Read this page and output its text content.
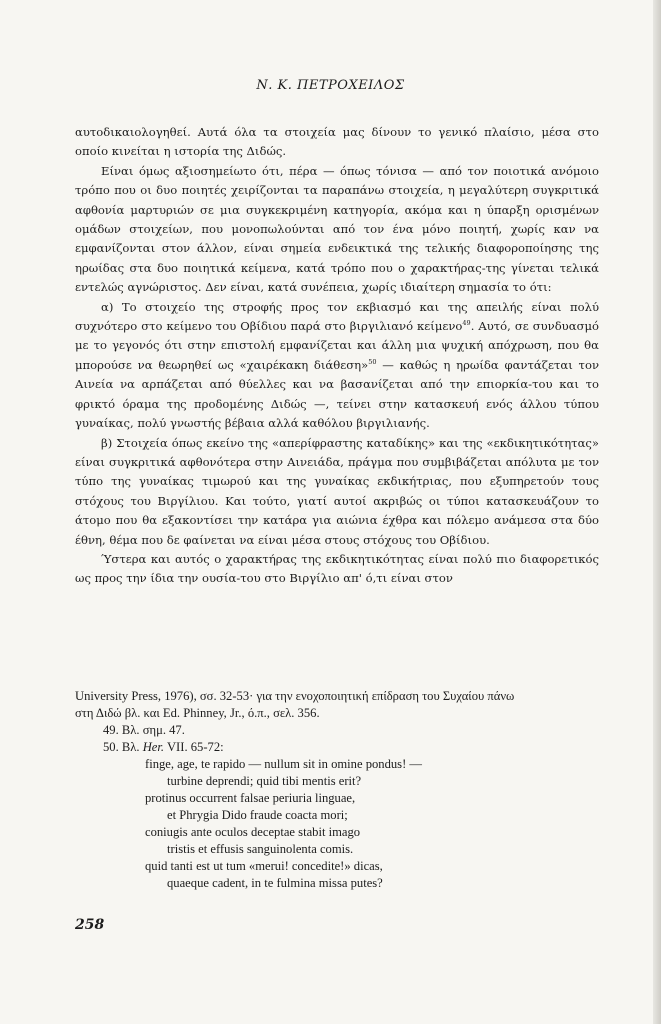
Ν. Κ. ΠΕΤΡΟΧΕΙΛΟΣ

αυτοδικαιολογηθεί. Αυτά όλα τα στοιχεία μας δίνουν το γενικό πλαίσιο, μέσα στο οποίο κινείται η ιστορία της Διδώς.

Είναι όμως αξιοσημείωτο ότι, πέρα — όπως τόνισα — από τον ποιοτικά ανόμοιο τρόπο που οι δυο ποιητές χειρίζονται τα παραπάνω στοιχεία, η μεγαλύτερη συγκριτικά αφθονία μαρτυριών σε μια συγκεκριμένη κατηγορία, ακόμα και η ύπαρξη ορισμένων ομάδων στοιχείων, που μονοπωλούνται από τον ένα μόνο ποιητή, χωρίς καν να εμφανίζονται στον άλλον, είναι σημεία ενδεικτικά της τελικής διαφοροποίησης της ηρωίδας στα δυο ποιητικά κείμενα, κατά τρόπο που ο χαρακτήρας-της γίνεται τελικά εντελώς αγνώριστος. Δεν είναι, κατά συνέπεια, χωρίς ιδιαίτερη σημασία το ότι:

α) Το στοιχείο της στροφής προς τον εκβιασμό και της απειλής είναι πολύ συχνότερο στο κείμενο του Οβίδιου παρά στο βιργιλιανό κείμενο$^{49}$. Αυτό, σε συνδυασμό με το γεγονός ότι στην επιστολή εμφανίζεται και άλλη μια ψυχική απόχρωση, που θα μπορούσε να θεωρηθεί ως «χαιρέκακη διάθεση»$^{50}$ — καθώς η ηρωίδα φαντάζεται τον Αινεία να αρπάζεται από θύελλες και να βασανίζεται από την επιορκία-του και το φρικτό όραμα της προδομένης Διδώς —, τείνει στην κατασκευή ενός άλλου τύπου γυναίκας, πολύ γνωστής βέβαια αλλά καθόλου βιργιλιανής.

β) Στοιχεία όπως εκείνο της «απερίφραστης καταδίκης» και της «εκδικητικότητας» είναι συγκριτικά αφθονότερα στην Αινειάδα, πράγμα που συμβιβάζεται απόλυτα με τον τύπο της γυναίκας τιμωρού και της γυναίκας εκδικήτριας, που εξυπηρετούν τους στόχους του Βιργίλιου. Και τούτο, γιατί αυτοί ακριβώς οι τύποι κατασκευάζουν το άτομο που θα εξακοντίσει την κατάρα για αιώνια έχθρα και πόλεμο ανάμεσα στα δύο έθνη, θέμα που δε φαίνεται να είναι μέσα στους στόχους του Οβίδιου.

Ύστερα και αυτός ο χαρακτήρας της εκδικητικότητας είναι πολύ πιο διαφορετικός ως προς την ίδια την ουσία-του στο Βιργίλιο απ' ό,τι είναι στον

University Press, 1976), σσ. 32-53· για την ενοχοποιητική επίδραση του Συχαίου πάνω

στη Διδώ βλ. και Ed. Phinney, Jr., ό.π., σελ. 356.

49. Βλ. σημ. 47.

50. Βλ. Her. VII. 65-72:

finge, age, te rapido — nullum sit in omine pondus! —

turbine deprendi; quid tibi mentis erit?

protinus occurrent falsae periuria linguae,

et Phrygia Dido fraude coacta mori;

coniugis ante oculos deceptae stabit imago

tristis et effusis sanguinolenta comis.

quid tanti est ut tum «merui! concedite!» dicas,

quaeque cadent, in te fulmina missa putes?

258
